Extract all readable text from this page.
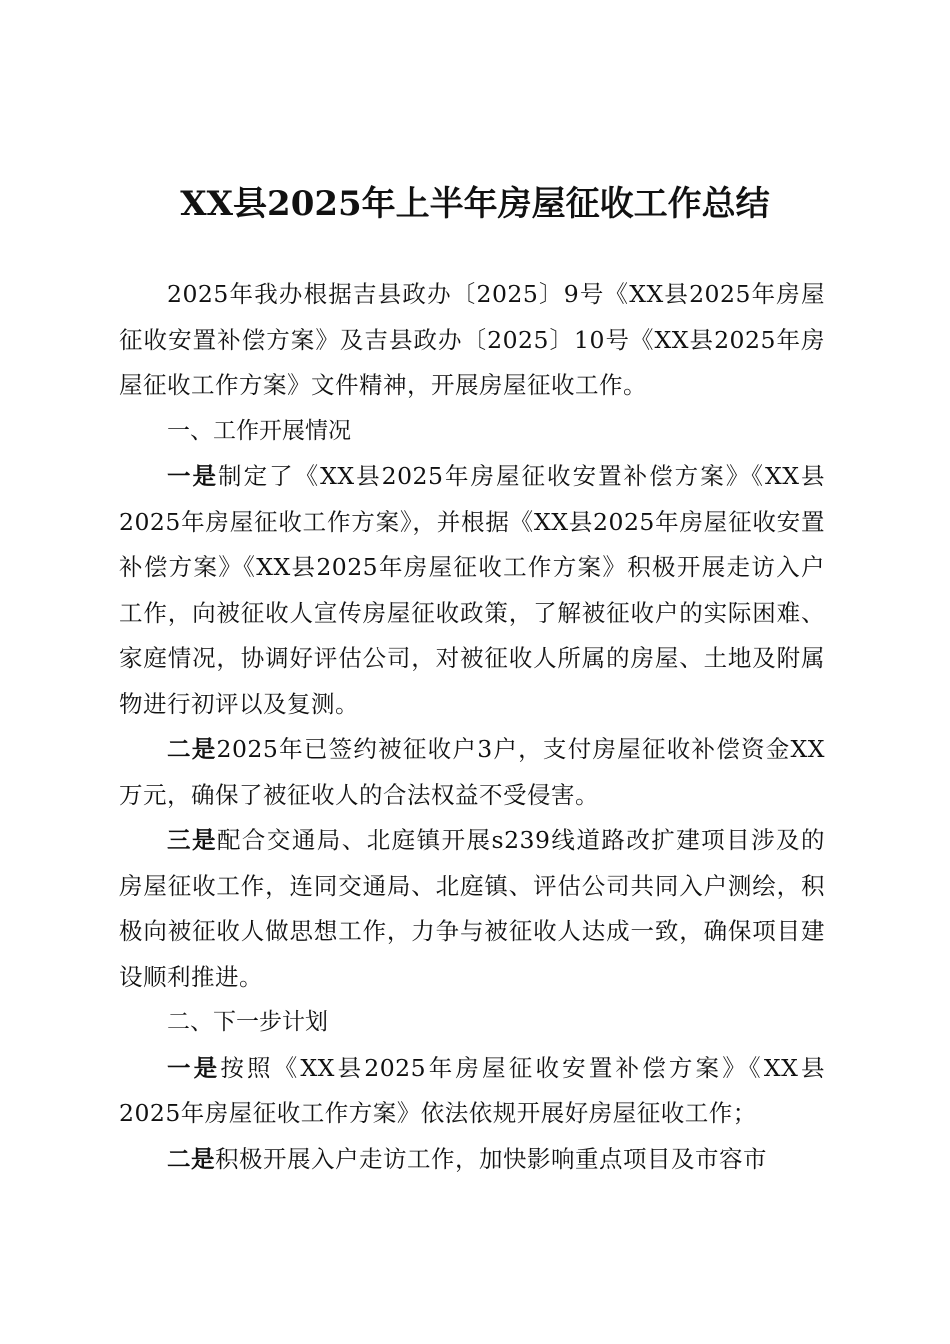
XX县2025年上半年房屋征收工作总结

2025年我办根据吉县政办〔2025〕9号《XX县2025年房屋征收安置补偿方案》及吉县政办〔2025〕10号《XX县2025年房屋征收工作方案》文件精神，开展房屋征收工作。

一、工作开展情况

一是制定了《XX县2025年房屋征收安置补偿方案》《XX县2025年房屋征收工作方案》，并根据《XX县2025年房屋征收安置补偿方案》《XX县2025年房屋征收工作方案》积极开展走访入户工作，向被征收人宣传房屋征收政策，了解被征收户的实际困难、家庭情况，协调好评估公司，对被征收人所属的房屋、土地及附属物进行初评以及复测。

二是2025年已签约被征收户3户，支付房屋征收补偿资金XX万元，确保了被征收人的合法权益不受侵害。

三是配合交通局、北庭镇开展s239线道路改扩建项目涉及的房屋征收工作，连同交通局、北庭镇、评估公司共同入户测绘，积极向被征收人做思想工作，力争与被征收人达成一致，确保项目建设顺利推进。

二、下一步计划

一是按照《XX县2025年房屋征收安置补偿方案》《XX县2025年房屋征收工作方案》依法依规开展好房屋征收工作；

二是积极开展入户走访工作，加快影响重点项目及市容市
